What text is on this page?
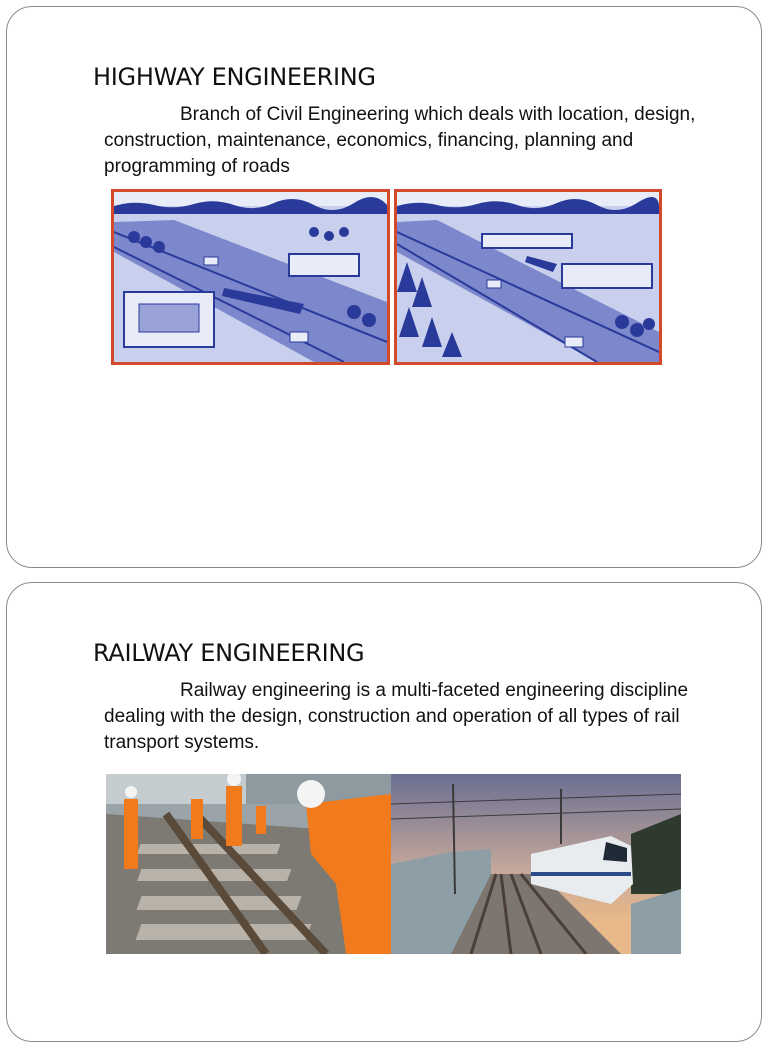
HIGHWAY ENGINEERING

Branch of Civil Engineering which deals with location, design, construction, maintenance, economics, financing, planning and programming of roads

RAILWAY ENGINEERING

Railway engineering is a multi-faceted engineering discipline dealing with the design, construction and operation of all types of rail transport systems.
